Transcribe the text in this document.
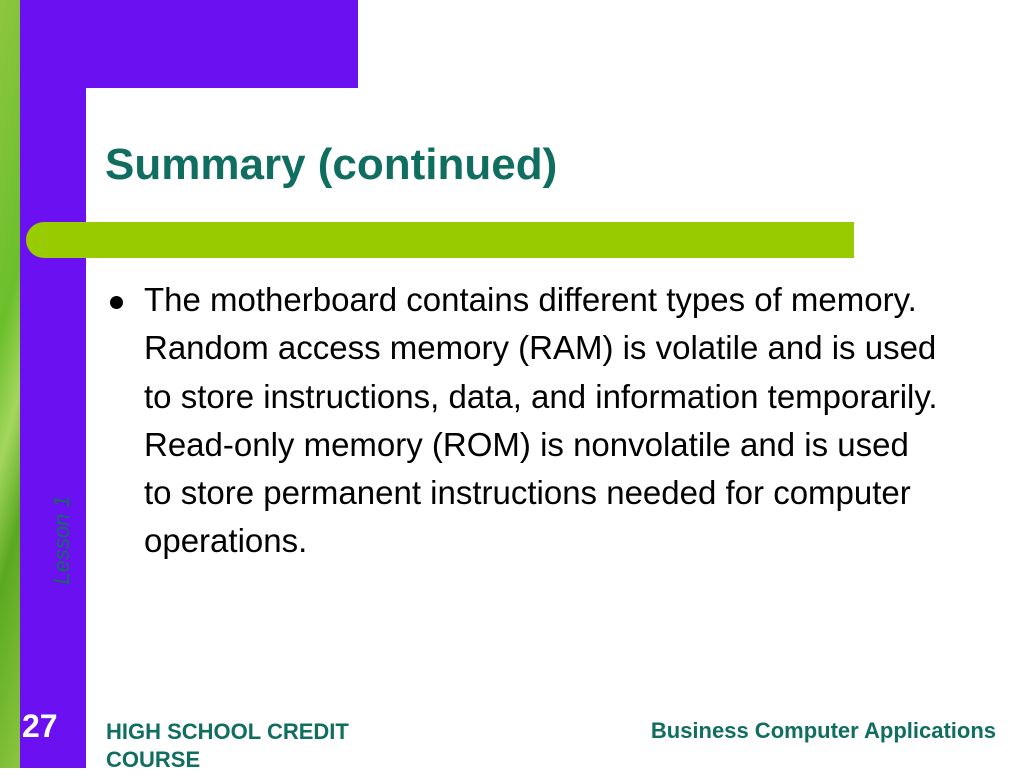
Summary (continued)
The motherboard contains different types of memory. Random access memory (RAM) is volatile and is used to store instructions, data, and information temporarily. Read-only memory (ROM) is nonvolatile and is used to store permanent instructions needed for computer operations.
Lesson 1
27 HIGH SCHOOL CREDIT COURSE
Business Computer Applications
